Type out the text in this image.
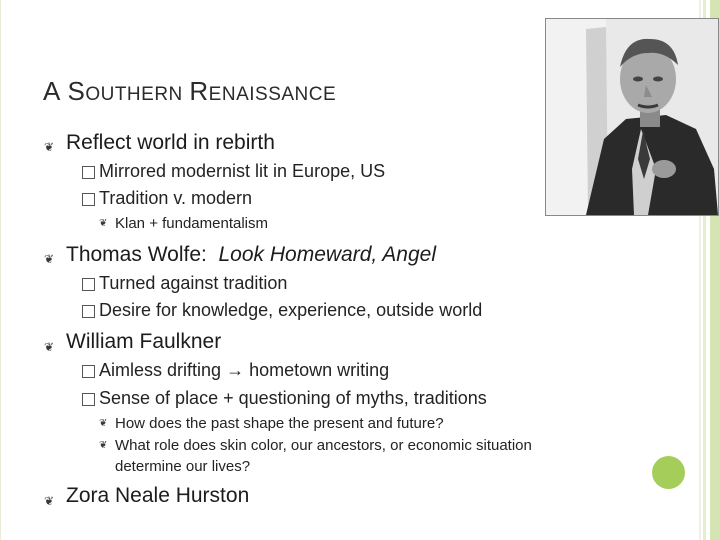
A SOUTHERN RENAISSANCE
❦ Reflect world in rebirth
Mirrored modernist lit in Europe, US
Tradition v. modern
❦ Klan + fundamentalism
❦ Thomas Wolfe: Look Homeward, Angel
Turned against tradition
Desire for knowledge, experience, outside world
❦ William Faulkner
Aimless drifting → hometown writing
Sense of place + questioning of myths, traditions
❦ How does the past shape the present and future?
❦ What role does skin color, our ancestors, or economic situation
determine our lives?
❦ Zora Neale Hurston
